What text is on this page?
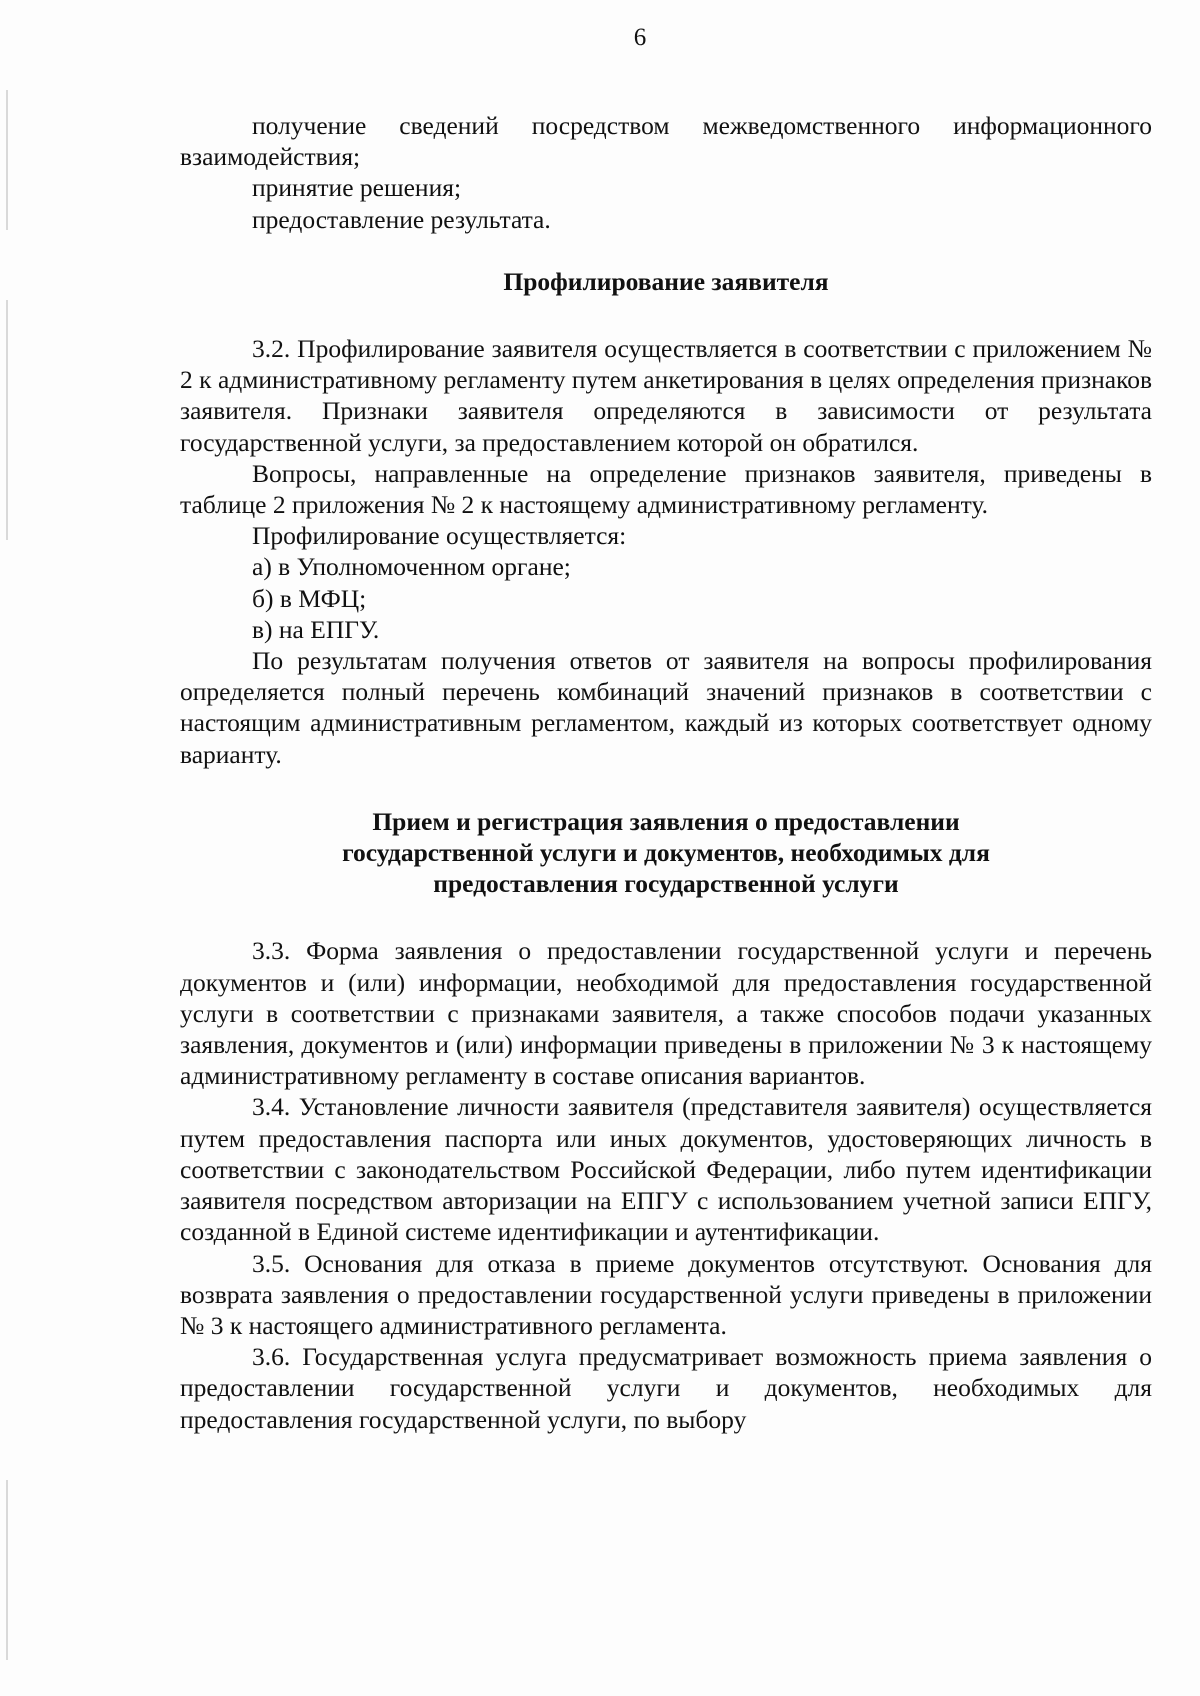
6

получение сведений посредством межведомственного информационного взаимодействия;

принятие решения;

предоставление результата.

Профилирование заявителя

3.2. Профилирование заявителя осуществляется в соответствии с приложением № 2 к административному регламенту путем анкетирования в целях определения признаков заявителя. Признаки заявителя определяются в зависимости от результата государственной услуги, за предоставлением которой он обратился.

Вопросы, направленные на определение признаков заявителя, приведены в таблице 2 приложения № 2 к настоящему административному регламенту.

Профилирование осуществляется:

а) в Уполномоченном органе;

б) в МФЦ;

в) на ЕПГУ.

По результатам получения ответов от заявителя на вопросы профилирования определяется полный перечень комбинаций значений признаков в соответствии с настоящим административным регламентом, каждый из которых соответствует одному варианту.

Прием и регистрация заявления о предоставлении

государственной услуги и документов, необходимых для

предоставления государственной услуги

3.3. Форма заявления о предоставлении государственной услуги и перечень документов и (или) информации, необходимой для предоставления государственной услуги в соответствии с признаками заявителя, а также способов подачи указанных заявления, документов и (или) информации приведены в приложении № 3 к настоящему административному регламенту в составе описания вариантов.

3.4. Установление личности заявителя (представителя заявителя) осуществляется путем предоставления паспорта или иных документов, удостоверяющих личность в соответствии с законодательством Российской Федерации, либо путем идентификации заявителя посредством авторизации на ЕПГУ с использованием учетной записи ЕПГУ, созданной в Единой системе идентификации и аутентификации.

3.5. Основания для отказа в приеме документов отсутствуют. Основания для возврата заявления о предоставлении государственной услуги приведены в приложении № 3 к настоящего административного регламента.

3.6. Государственная услуга предусматривает возможность приема заявления о предоставлении государственной услуги и документов, необходимых для предоставления государственной услуги, по выбору
